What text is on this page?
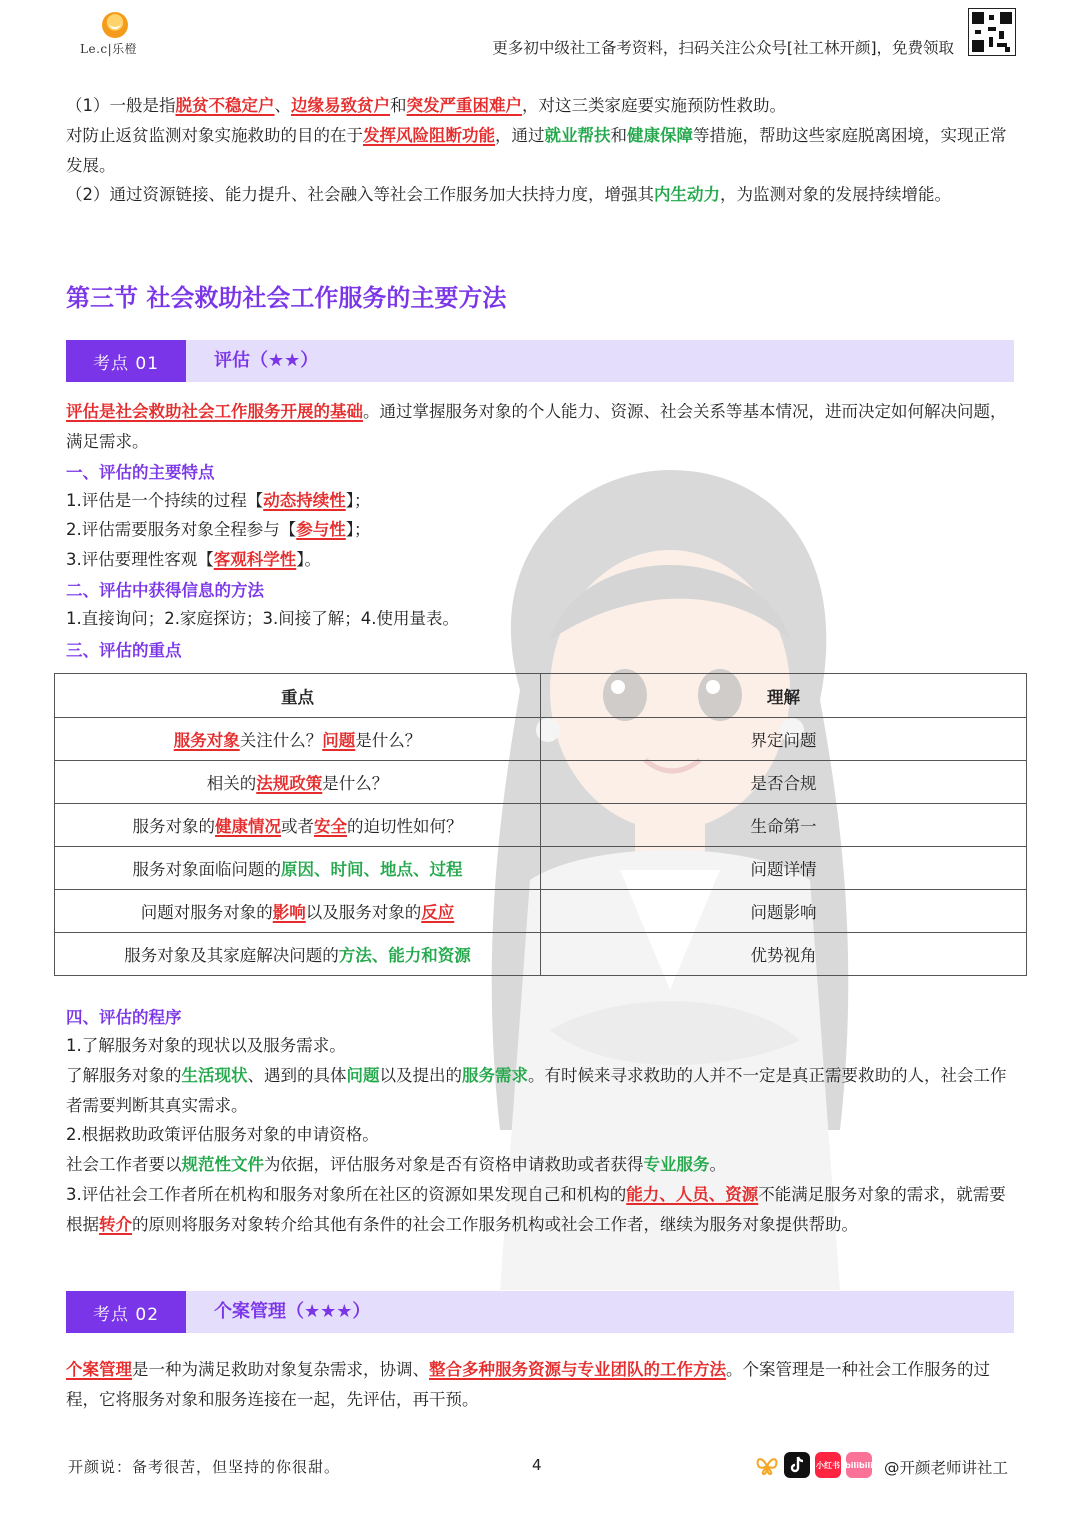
Le.c|乐橙	更多初中级社工备考资料，扫码关注公众号[社工林开颜]，免费领取
（1）一般是指脱贫不稳定户、边缘易致贫户和突发严重困难户，对这三类家庭要实施预防性救助。
对防止返贫监测对象实施救助的目的在于发挥风险阻断功能，通过就业帮扶和健康保障等措施，帮助这些家庭脱离困境，实现正常发展。
（2）通过资源链接、能力提升、社会融入等社会工作服务加大扶持力度，增强其内生动力，为监测对象的发展持续增能。
第三节 社会救助社会工作服务的主要方法
考点 01	评估（★★）
评估是社会救助社会工作服务开展的基础。通过掌握服务对象的个人能力、资源、社会关系等基本情况，进而决定如何解决问题，满足需求。
一、评估的主要特点
1.评估是一个持续的过程【动态持续性】；
2.评估需要服务对象全程参与【参与性】；
3.评估要理性客观【客观科学性】。
二、评估中获得信息的方法
1.直接询问；2.家庭探访；3.间接了解；4.使用量表。
三、评估的重点
重点	理解
服务对象关注什么？问题是什么？	界定问题
相关的法规政策是什么？	是否合规
服务对象的健康情况或者安全的迫切性如何？	生命第一
服务对象面临问题的原因、时间、地点、过程	问题详情
问题对服务对象的影响以及服务对象的反应	问题影响
服务对象及其家庭解决问题的方法、能力和资源	优势视角
四、评估的程序
1.了解服务对象的现状以及服务需求。
了解服务对象的生活现状、遇到的具体问题以及提出的服务需求。有时候来寻求救助的人并不一定是真正需要救助的人，社会工作者需要判断其真实需求。
2.根据救助政策评估服务对象的申请资格。
社会工作者要以规范性文件为依据，评估服务对象是否有资格申请救助或者获得专业服务。
3.评估社会工作者所在机构和服务对象所在社区的资源如果发现自己和机构的能力、人员、资源不能满足服务对象的需求，就需要根据转介的原则将服务对象转介给其他有条件的社会工作服务机构或社会工作者，继续为服务对象提供帮助。
考点 02	个案管理（★★★）
个案管理是一种为满足救助对象复杂需求，协调、整合多种服务资源与专业团队的工作方法。个案管理是一种社会工作服务的过程，它将服务对象和服务连接在一起，先评估，再干预。
开颜说：备考很苦，但坚持的你很甜。	4	小红书 bilibili @开颜老师讲社工
